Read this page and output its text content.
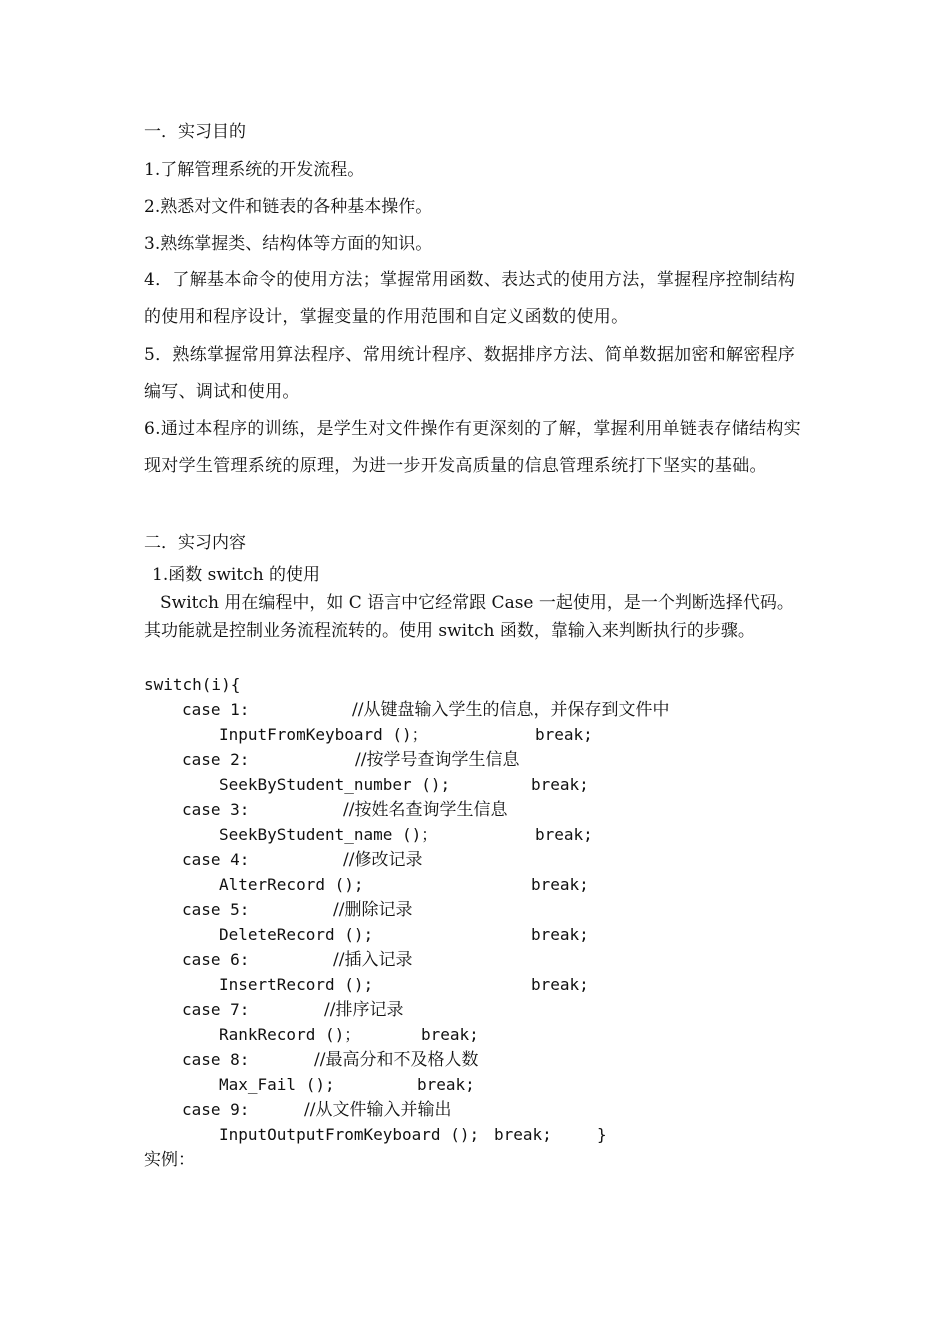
一．实习目的
1.了解管理系统的开发流程。
2.熟悉对文件和链表的各种基本操作。
3.熟练掌握类、结构体等方面的知识。
4．了解基本命令的使用方法；掌握常用函数、表达式的使用方法，掌握程序控制结构的使用和程序设计，掌握变量的作用范围和自定义函数的使用。
5．熟练掌握常用算法程序、常用统计程序、数据排序方法、简单数据加密和解密程序编写、调试和使用。
6.通过本程序的训练，是学生对文件操作有更深刻的了解，掌握利用单链表存储结构实现对学生管理系统的原理，为进一步开发高质量的信息管理系统打下坚实的基础。
二．实习内容
1.函数 switch 的使用
Switch 用在编程中，如 C 语言中它经常跟 Case 一起使用，是一个判断选择代码。其功能就是控制业务流程流转的。使用 switch 函数，靠输入来判断执行的步骤。
switch(i){
case 1:	//从键盘输入学生的信息，并保存到文件中
InputFromKeyboard ()；	break;
case 2:	//按学号查询学生信息
SeekByStudent_number ();	break;
case 3:	//按姓名查询学生信息
SeekByStudent_name ()；	break;
case 4:	//修改记录
AlterRecord ();	break;
case 5:	//删除记录
DeleteRecord ();	break;
case 6:	//插入记录
InsertRecord ();	break;
case 7:	//排序记录
RankRecord ()；	break;
case 8:	//最高分和不及格人数
Max_Fail ();	break;
case 9:	//从文件输入并输出
InputOutputFromKeyboard (); break;	}
实例：
